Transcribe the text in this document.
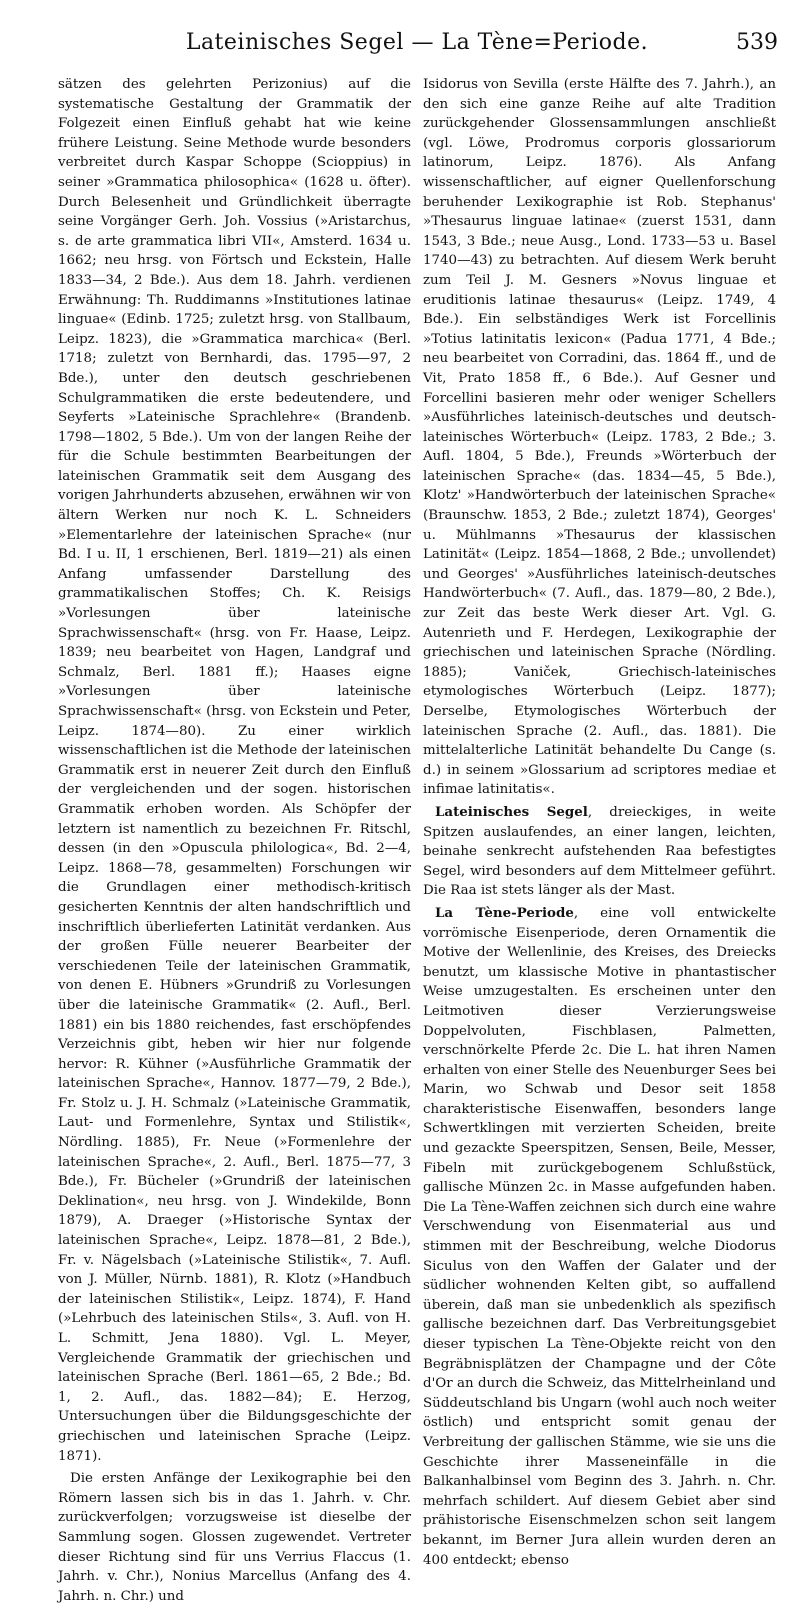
Lateinisches Segel — La Tène=Periode.	539

sätzen des gelehrten Perizonius) auf die systematische Gestaltung der Grammatik der Folgezeit einen Einfluß gehabt hat wie keine frühere Leistung. Seine Methode wurde besonders verbreitet durch Kaspar Schoppe (Scioppius) in seiner »Grammatica philosophica« (1628 u. öfter). Durch Belesenheit und Gründlichkeit überragte seine Vorgänger Gerh. Joh. Vossius (»Aristarchus, s. de arte grammatica libri VII«, Amsterd. 1634 u. 1662; neu hrsg. von Förtsch und Eckstein, Halle 1833—34, 2 Bde.). Aus dem 18. Jahrh. verdienen Erwähnung: Th. Ruddimanns »Institutiones latinae linguae« (Edinb. 1725; zuletzt hrsg. von Stallbaum, Leipz. 1823), die »Grammatica marchica« (Berl. 1718; zuletzt von Bernhardi, das. 1795—97, 2 Bde.), unter den deutsch geschriebenen Schulgrammatiken die erste bedeutendere, und Seyferts »Lateinische Sprachlehre« (Brandenb. 1798—1802, 5 Bde.). Um von der langen Reihe der für die Schule bestimmten Bearbeitungen der lateinischen Grammatik seit dem Ausgang des vorigen Jahrhunderts abzusehen, erwähnen wir von ältern Werken nur noch K. L. Schneiders »Elementarlehre der lateinischen Sprache« (nur Bd. I u. II, 1 erschienen, Berl. 1819—21) als einen Anfang umfassender Darstellung des grammatikalischen Stoffes; Ch. K. Reisigs »Vorlesungen über lateinische Sprachwissenschaft« (hrsg. von Fr. Haase, Leipz. 1839; neu bearbeitet von Hagen, Landgraf und Schmalz, Berl. 1881 ff.); Haases eigne »Vorlesungen über lateinische Sprachwissenschaft« (hrsg. von Eckstein und Peter, Leipz. 1874—80). Zu einer wirklich wissenschaftlichen ist die Methode der lateinischen Grammatik erst in neuerer Zeit durch den Einfluß der vergleichenden und der sogen. historischen Grammatik erhoben worden. Als Schöpfer der letztern ist namentlich zu bezeichnen Fr. Ritschl, dessen (in den »Opuscula philologica«, Bd. 2—4, Leipz. 1868—78, gesammelten) Forschungen wir die Grundlagen einer methodisch-kritisch gesicherten Kenntnis der alten handschriftlich und inschriftlich überlieferten Latinität verdanken. Aus der großen Fülle neuerer Bearbeiter der verschiedenen Teile der lateinischen Grammatik, von denen E. Hübners »Grundriß zu Vorlesungen über die lateinische Grammatik« (2. Aufl., Berl. 1881) ein bis 1880 reichendes, fast erschöpfendes Verzeichnis gibt, heben wir hier nur folgende hervor: R. Kühner (»Ausführliche Grammatik der lateinischen Sprache«, Hannov. 1877—79, 2 Bde.), Fr. Stolz u. J. H. Schmalz (»Lateinische Grammatik, Laut- und Formenlehre, Syntax und Stilistik«, Nördling. 1885), Fr. Neue (»Formenlehre der lateinischen Sprache«, 2. Aufl., Berl. 1875—77, 3 Bde.), Fr. Bücheler (»Grundriß der lateinischen Deklination«, neu hrsg. von J. Windekilde, Bonn 1879), A. Draeger (»Historische Syntax der lateinischen Sprache«, Leipz. 1878—81, 2 Bde.), Fr. v. Nägelsbach (»Lateinische Stilistik«, 7. Aufl. von J. Müller, Nürnb. 1881), R. Klotz (»Handbuch der lateinischen Stilistik«, Leipz. 1874), F. Hand (»Lehrbuch des lateinischen Stils«, 3. Aufl. von H. L. Schmitt, Jena 1880). Vgl. L. Meyer, Vergleichende Grammatik der griechischen und lateinischen Sprache (Berl. 1861—65, 2 Bde.; Bd. 1, 2. Aufl., das. 1882—84); E. Herzog, Untersuchungen über die Bildungsgeschichte der griechischen und lateinischen Sprache (Leipz. 1871).

Die ersten Anfänge der Lexikographie bei den Römern lassen sich bis in das 1. Jahrh. v. Chr. zurückverfolgen; vorzugsweise ist dieselbe der Sammlung sogen. Glossen zugewendet. Vertreter dieser Richtung sind für uns Verrius Flaccus (1. Jahrh. v. Chr.), Nonius Marcellus (Anfang des 4. Jahrh. n. Chr.) und

Isidorus von Sevilla (erste Hälfte des 7. Jahrh.), an den sich eine ganze Reihe auf alte Tradition zurückgehender Glossensammlungen anschließt (vgl. Löwe, Prodromus corporis glossariorum latinorum, Leipz. 1876). Als Anfang wissenschaftlicher, auf eigner Quellenforschung beruhender Lexikographie ist Rob. Stephanus' »Thesaurus linguae latinae« (zuerst 1531, dann 1543, 3 Bde.; neue Ausg., Lond. 1733—53 u. Basel 1740—43) zu betrachten. Auf diesem Werk beruht zum Teil J. M. Gesners »Novus linguae et eruditionis latinae thesaurus« (Leipz. 1749, 4 Bde.). Ein selbständiges Werk ist Forcellinis »Totius latinitatis lexicon« (Padua 1771, 4 Bde.; neu bearbeitet von Corradini, das. 1864 ff., und de Vit, Prato 1858 ff., 6 Bde.). Auf Gesner und Forcellini basieren mehr oder weniger Schellers »Ausführliches lateinisch-deutsches und deutsch-lateinisches Wörterbuch« (Leipz. 1783, 2 Bde.; 3. Aufl. 1804, 5 Bde.), Freunds »Wörterbuch der lateinischen Sprache« (das. 1834—45, 5 Bde.), Klotz' »Handwörterbuch der lateinischen Sprache« (Braunschw. 1853, 2 Bde.; zuletzt 1874), Georges' u. Mühlmanns »Thesaurus der klassischen Latinität« (Leipz. 1854—1868, 2 Bde.; unvollendet) und Georges' »Ausführliches lateinisch-deutsches Handwörterbuch« (7. Aufl., das. 1879—80, 2 Bde.), zur Zeit das beste Werk dieser Art. Vgl. G. Autenrieth und F. Herdegen, Lexikographie der griechischen und lateinischen Sprache (Nördling. 1885); Vaniček, Griechisch-lateinisches etymologisches Wörterbuch (Leipz. 1877); Derselbe, Etymologisches Wörterbuch der lateinischen Sprache (2. Aufl., das. 1881). Die mittelalterliche Latinität behandelte Du Cange (s. d.) in seinem »Glossarium ad scriptores mediae et infimae latinitatis«.

Lateinisches Segel, dreieckiges, in weite Spitzen auslaufendes, an einer langen, leichten, beinahe senkrecht aufstehenden Raa befestigtes Segel, wird besonders auf dem Mittelmeer geführt. Die Raa ist stets länger als der Mast.

La Tène-Periode, eine voll entwickelte vorrömische Eisenperiode, deren Ornamentik die Motive der Wellenlinie, des Kreises, des Dreiecks benutzt, um klassische Motive in phantastischer Weise umzugestalten. Es erscheinen unter den Leitmotiven dieser Verzierungsweise Doppelvoluten, Fischblasen, Palmetten, verschnörkelte Pferde 2c. Die L. hat ihren Namen erhalten von einer Stelle des Neuenburger Sees bei Marin, wo Schwab und Desor seit 1858 charakteristische Eisenwaffen, besonders lange Schwertklingen mit verzierten Scheiden, breite und gezackte Speerspitzen, Sensen, Beile, Messer, Fibeln mit zurückgebogenem Schlußstück, gallische Münzen 2c. in Masse aufgefunden haben. Die La Tène-Waffen zeichnen sich durch eine wahre Verschwendung von Eisenmaterial aus und stimmen mit der Beschreibung, welche Diodorus Siculus von den Waffen der Galater und der südlicher wohnenden Kelten gibt, so auffallend überein, daß man sie unbedenklich als spezifisch gallische bezeichnen darf. Das Verbreitungsgebiet dieser typischen La Tène-Objekte reicht von den Begräbnisplätzen der Champagne und der Côte d'Or an durch die Schweiz, das Mittelrheinland und Süddeutschland bis Ungarn (wohl auch noch weiter östlich) und entspricht somit genau der Verbreitung der gallischen Stämme, wie sie uns die Geschichte ihrer Masseneinfälle in die Balkanhalbinsel vom Beginn des 3. Jahrh. n. Chr. mehrfach schildert. Auf diesem Gebiet aber sind prähistorische Eisenschmelzen schon seit langem bekannt, im Berner Jura allein wurden deren an 400 entdeckt; ebenso
